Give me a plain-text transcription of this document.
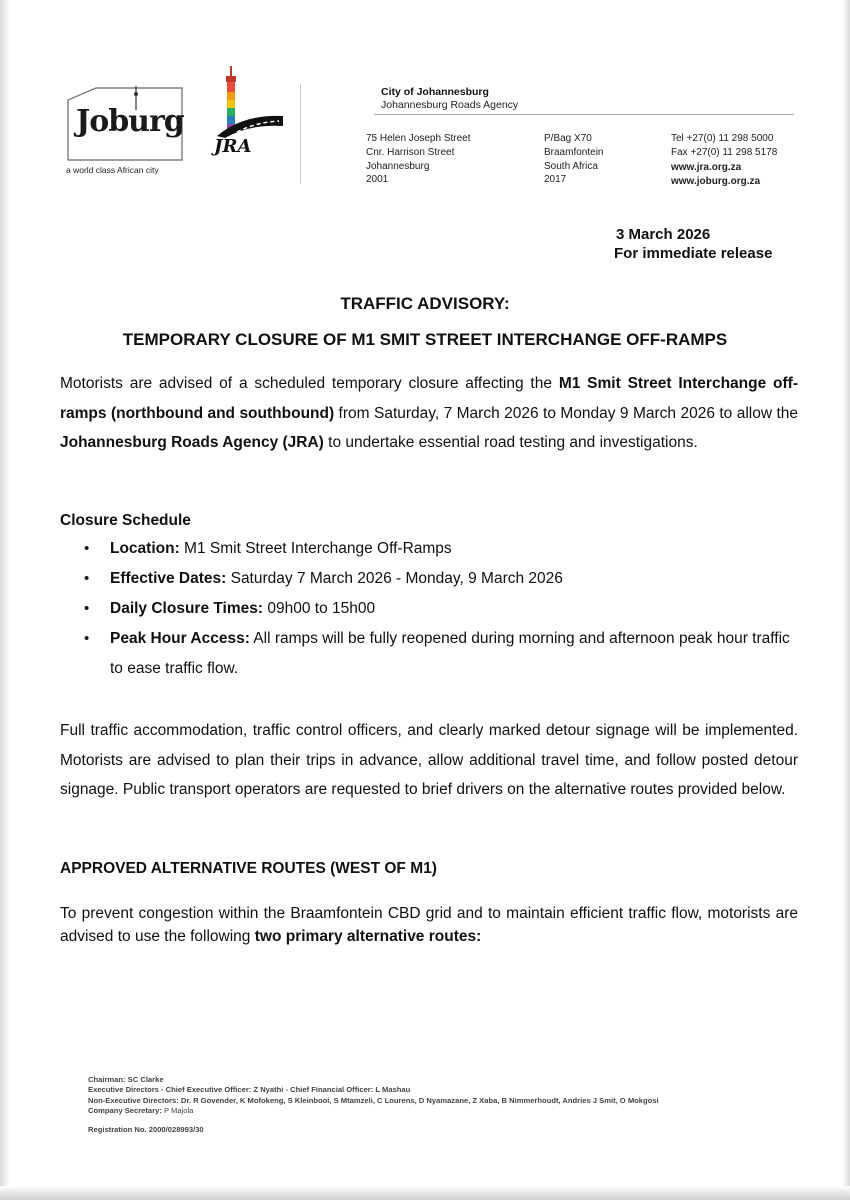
Joburg
a world class African city
JRA
City of Johannesburg
Johannesburg Roads Agency
75 Helen Joseph Street
Cnr. Harrison Street
Johannesburg
2001
P/Bag X70
Braamfontein
South Africa
2017
Tel +27(0) 11 298 5000
Fax +27(0) 11 298 5178
www.jra.org.za
www.joburg.org.za
3 March 2026
For immediate release
TRAFFIC ADVISORY:
TEMPORARY CLOSURE OF M1 SMIT STREET INTERCHANGE OFF-RAMPS
Motorists are advised of a scheduled temporary closure affecting the M1 Smit Street Interchange off-ramps (northbound and southbound) from Saturday, 7 March 2026 to Monday 9 March 2026 to allow the Johannesburg Roads Agency (JRA) to undertake essential road testing and investigations.
Closure Schedule
• Location: M1 Smit Street Interchange Off-Ramps
• Effective Dates: Saturday 7 March 2026 - Monday, 9 March 2026
• Daily Closure Times: 09h00 to 15h00
• Peak Hour Access: All ramps will be fully reopened during morning and afternoon peak hour traffic to ease traffic flow.
Full traffic accommodation, traffic control officers, and clearly marked detour signage will be implemented. Motorists are advised to plan their trips in advance, allow additional travel time, and follow posted detour signage. Public transport operators are requested to brief drivers on the alternative routes provided below.
APPROVED ALTERNATIVE ROUTES (WEST OF M1)
To prevent congestion within the Braamfontein CBD grid and to maintain efficient traffic flow, motorists are advised to use the following two primary alternative routes:
Chairman: SC Clarke
Executive Directors - Chief Executive Officer: Z Nyathi - Chief Financial Officer: L Mashau
Non-Executive Directors: Dr. R Govender, K Mofokeng, S Kleinbooi, S Mtamzeli, C Lourens, D Nyamazane, Z Xaba, B Nimmerhoudt, Andries J Smit, O Mokgosi
Company Secretary: P Majola
Registration No. 2000/028993/30
